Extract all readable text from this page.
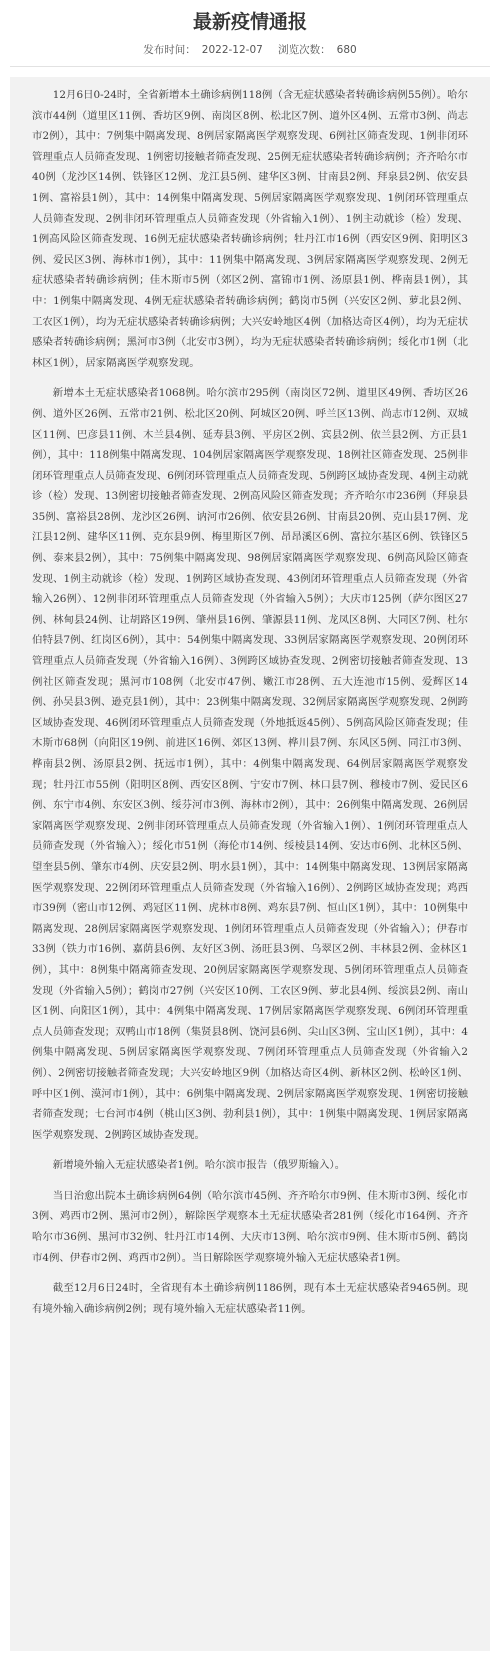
最新疫情通报
发布时间： 2022-12-07 浏览次数： 680

12月6日0-24时，全省新增本土确诊病例118例（含无症状感染者转确诊病例55例）。哈尔滨市44例（道里区11例、香坊区9例、南岗区8例、松北区7例、道外区4例、五常市3例、尚志市2例），其中：7例集中隔离发现、8例居家隔离医学观察发现、6例社区筛查发现、1例非闭环管理重点人员筛查发现、1例密切接触者筛查发现、25例无症状感染者转确诊病例；齐齐哈尔市40例（龙沙区14例、铁锋区12例、龙江县5例、建华区3例、甘南县2例、拜泉县2例、依安县1例、富裕县1例），其中：14例集中隔离发现、5例居家隔离医学观察发现、1例闭环管理重点人员筛查发现、2例非闭环管理重点人员筛查发现（外省输入1例）、1例主动就诊（检）发现、1例高风险区筛查发现、16例无症状感染者转确诊病例；牡丹江市16例（西安区9例、阳明区3例、爱民区3例、海林市1例），其中：11例集中隔离发现、3例居家隔离医学观察发现、2例无症状感染者转确诊病例；佳木斯市5例（郊区2例、富锦市1例、汤原县1例、桦南县1例），其中：1例集中隔离发现、4例无症状感染者转确诊病例；鹤岗市5例（兴安区2例、萝北县2例、工农区1例），均为无症状感染者转确诊病例；大兴安岭地区4例（加格达奇区4例），均为无症状感染者转确诊病例；黑河市3例（北安市3例），均为无症状感染者转确诊病例；绥化市1例（北林区1例），居家隔离医学观察发现。

新增本土无症状感染者1068例。哈尔滨市295例（南岗区72例、道里区49例、香坊区26例、道外区26例、五常市21例、松北区20例、阿城区20例、呼兰区13例、尚志市12例、双城区11例、巴彦县11例、木兰县4例、延寿县3例、平房区2例、宾县2例、依兰县2例、方正县1例），其中：118例集中隔离发现、104例居家隔离医学观察发现、18例社区筛查发现、25例非闭环管理重点人员筛查发现、6例闭环管理重点人员筛查发现、5例跨区域协查发现、4例主动就诊（检）发现、13例密切接触者筛查发现、2例高风险区筛查发现；齐齐哈尔市236例（拜泉县35例、富裕县28例、龙沙区26例、讷河市26例、依安县26例、甘南县20例、克山县17例、龙江县12例、建华区11例、克东县9例、梅里斯区7例、昂昂溪区6例、富拉尔基区6例、铁锋区5例、泰来县2例），其中：75例集中隔离发现、98例居家隔离医学观察发现、6例高风险区筛查发现、1例主动就诊（检）发现、1例跨区域协查发现、43例闭环管理重点人员筛查发现（外省输入26例）、12例非闭环管理重点人员筛查发现（外省输入5例）；大庆市125例（萨尔图区27例、林甸县24例、让胡路区19例、肇州县16例、肇源县11例、龙凤区8例、大同区7例、杜尔伯特县7例、红岗区6例），其中：54例集中隔离发现、33例居家隔离医学观察发现、20例闭环管理重点人员筛查发现（外省输入16例）、3例跨区域协查发现、2例密切接触者筛查发现、13例社区筛查发现；黑河市108例（北安市47例、嫩江市28例、五大连池市15例、爱辉区14例、孙吴县3例、逊克县1例），其中：23例集中隔离发现、32例居家隔离医学观察发现、2例跨区域协查发现、46例闭环管理重点人员筛查发现（外地抵返45例）、5例高风险区筛查发现；佳木斯市68例（向阳区19例、前进区16例、郊区13例、桦川县7例、东风区5例、同江市3例、桦南县2例、汤原县2例、抚远市1例），其中：4例集中隔离发现、64例居家隔离医学观察发现；牡丹江市55例（阳明区8例、西安区8例、宁安市7例、林口县7例、穆棱市7例、爱民区6例、东宁市4例、东安区3例、绥芬河市3例、海林市2例），其中：26例集中隔离发现、26例居家隔离医学观察发现、2例非闭环管理重点人员筛查发现（外省输入1例）、1例闭环管理重点人员筛查发现（外省输入）；绥化市51例（海伦市14例、绥棱县14例、安达市6例、北林区5例、望奎县5例、肇东市4例、庆安县2例、明水县1例），其中：14例集中隔离发现、13例居家隔离医学观察发现、22例闭环管理重点人员筛查发现（外省输入16例）、2例跨区域协查发现；鸡西市39例（密山市12例、鸡冠区11例、虎林市8例、鸡东县7例、恒山区1例），其中：10例集中隔离发现、28例居家隔离医学观察发现、1例闭环管理重点人员筛查发现（外省输入）；伊春市33例（铁力市16例、嘉荫县6例、友好区3例、汤旺县3例、乌翠区2例、丰林县2例、金林区1例），其中：8例集中隔离筛查发现、20例居家隔离医学观察发现、5例闭环管理重点人员筛查发现（外省输入5例）；鹤岗市27例（兴安区10例、工农区9例、萝北县4例、绥滨县2例、南山区1例、向阳区1例），其中：4例集中隔离发现、17例居家隔离医学观察发现、6例闭环管理重点人员筛查发现；双鸭山市18例（集贤县8例、饶河县6例、尖山区3例、宝山区1例），其中：4例集中隔离发现、5例居家隔离医学观察发现、7例闭环管理重点人员筛查发现（外省输入2例）、2例密切接触者筛查发现；大兴安岭地区9例（加格达奇区4例、新林区2例、松岭区1例、呼中区1例、漠河市1例），其中：6例集中隔离发现、2例居家隔离医学观察发现、1例密切接触者筛查发现；七台河市4例（桃山区3例、勃利县1例），其中：1例集中隔离发现、1例居家隔离医学观察发现、2例跨区域协查发现。

新增境外输入无症状感染者1例。哈尔滨市报告（俄罗斯输入）。

当日治愈出院本土确诊病例64例（哈尔滨市45例、齐齐哈尔市9例、佳木斯市3例、绥化市3例、鸡西市2例、黑河市2例），解除医学观察本土无症状感染者281例（绥化市164例、齐齐哈尔市36例、黑河市32例、牡丹江市14例、大庆市13例、哈尔滨市9例、佳木斯市5例、鹤岗市4例、伊春市2例、鸡西市2例）。当日解除医学观察境外输入无症状感染者1例。

截至12月6日24时，全省现有本土确诊病例1186例，现有本土无症状感染者9465例。现有境外输入确诊病例2例；现有境外输入无症状感染者11例。
